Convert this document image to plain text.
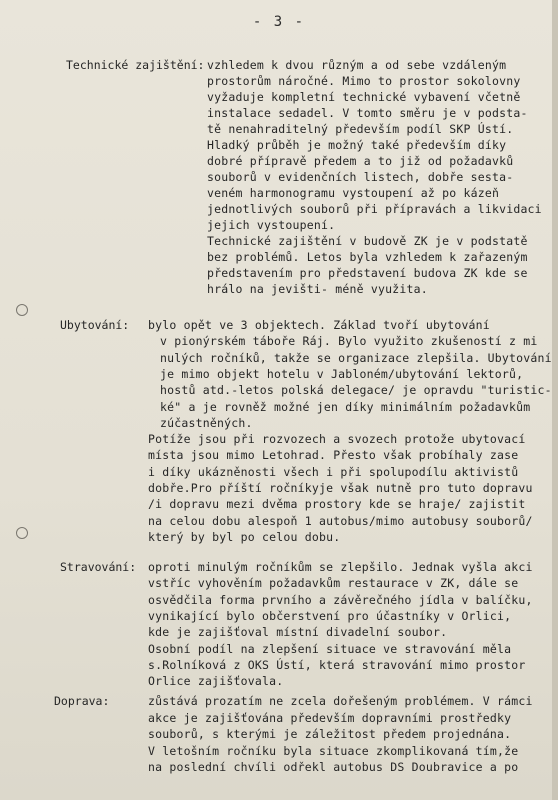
- 3 -
Technické zajištění: vzhledem k dvou různým a od sebe vzdáleným
prostorům náročné. Mimo to prostor sokolovny
vyžaduje kompletní technické vybavení včetně
instalace sedadel. V tomto směru je v podsta-
tě nenahraditelný především podíl SKP Ústí.
Hladký průběh je možný také především díky
dobré přípravě předem a to již od požadavků
souborů v evidenčních listech, dobře sesta-
veném harmonogramu vystoupení až po kázeň
jednotlivých souborů při přípravách a likvidaci
jejich vystoupení.
Technické zajištění v budově ZK je v podstatě
bez problémů. Letos byla vzhledem k zařazeným
představením pro představení budova ZK kde se
hrálo na jevišti- méně využita.
Ubytování: bylo opět ve 3 objektech. Základ tvoří ubytování
v pionýrském táboře Ráj. Bylo využito zkušeností z mi
nulých ročníků, takže se organizace zlepšila. Ubytování
je mimo objekt hotelu v Jabloném/ubytování lektorů,
hostů atd.-letos polská delegace/ je opravdu "turistic-
ké" a je rovněž možné jen díky minimálním požadavkům
zúčastněných.
Potíže jsou při rozvozech a svozech protože ubytovací
místa jsou mimo Letohrad. Přesto však probíhaly zase
i díky ukázněnosti všech i při spolupodílu aktivistů
dobře.Pro příští ročníkyje však nutně pro tuto dopravu
/i dopravu mezi dvěma prostory kde se hraje/ zajistit
na celou dobu alespoň 1 autobus/mimo autobusy souborů/
který by byl po celou dobu.
Stravování: oproti minulým ročníkům se zlepšilo. Jednak vyšla akci
vstříc vyhověním požadavkům restaurace v ZK, dále se
osvědčila forma prvního a závěrečného jídla v balíčku,
vynikající bylo občerstvení pro účastníky v Orlici,
kde je zajišťoval místní divadelní soubor.
Osobní podíl na zlepšení situace ve stravování měla
s.Rolníková z OKS Ústí, která stravování mimo prostor
Orlice zajišťovala.
Doprava:	zůstává prozatím ne zcela dořešeným problémem. V rámci
akce je zajišťována především dopravními prostředky
souborů, s kterými je záležitost předem projednána.
V letošním ročníku byla situace zkomplikovaná tím,že
na poslední chvíli odřekl autobus DS Doubravice a po
